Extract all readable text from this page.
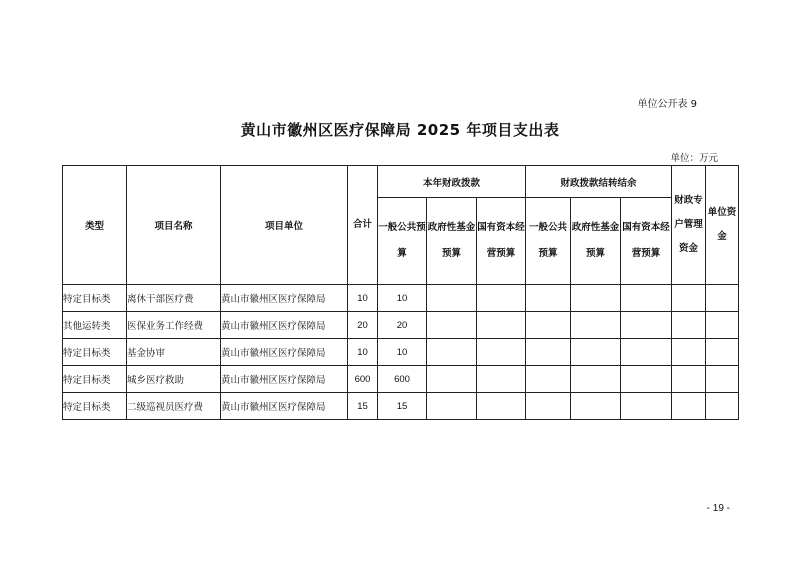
单位公开表 9
黄山市徽州区医疗保障局 2025 年项目支出表
单位：万元
类型	项目名称	项目单位	合计	本年财政拨款			财政拨款结转结余			财政专户管理资金	单位资金
				一般公共预算	政府性基金预算	国有资本经营预算	一般公共预算	政府性基金预算	国有资本经营预算		
特定目标类	离休干部医疗费	黄山市徽州区医疗保障局	10	10							
其他运转类	医保业务工作经费	黄山市徽州区医疗保障局	20	20							
特定目标类	基金协审	黄山市徽州区医疗保障局	10	10							
特定目标类	城乡医疗救助	黄山市徽州区医疗保障局	600	600							
特定目标类	二级巡视员医疗费	黄山市徽州区医疗保障局	15	15							
- 19 -
